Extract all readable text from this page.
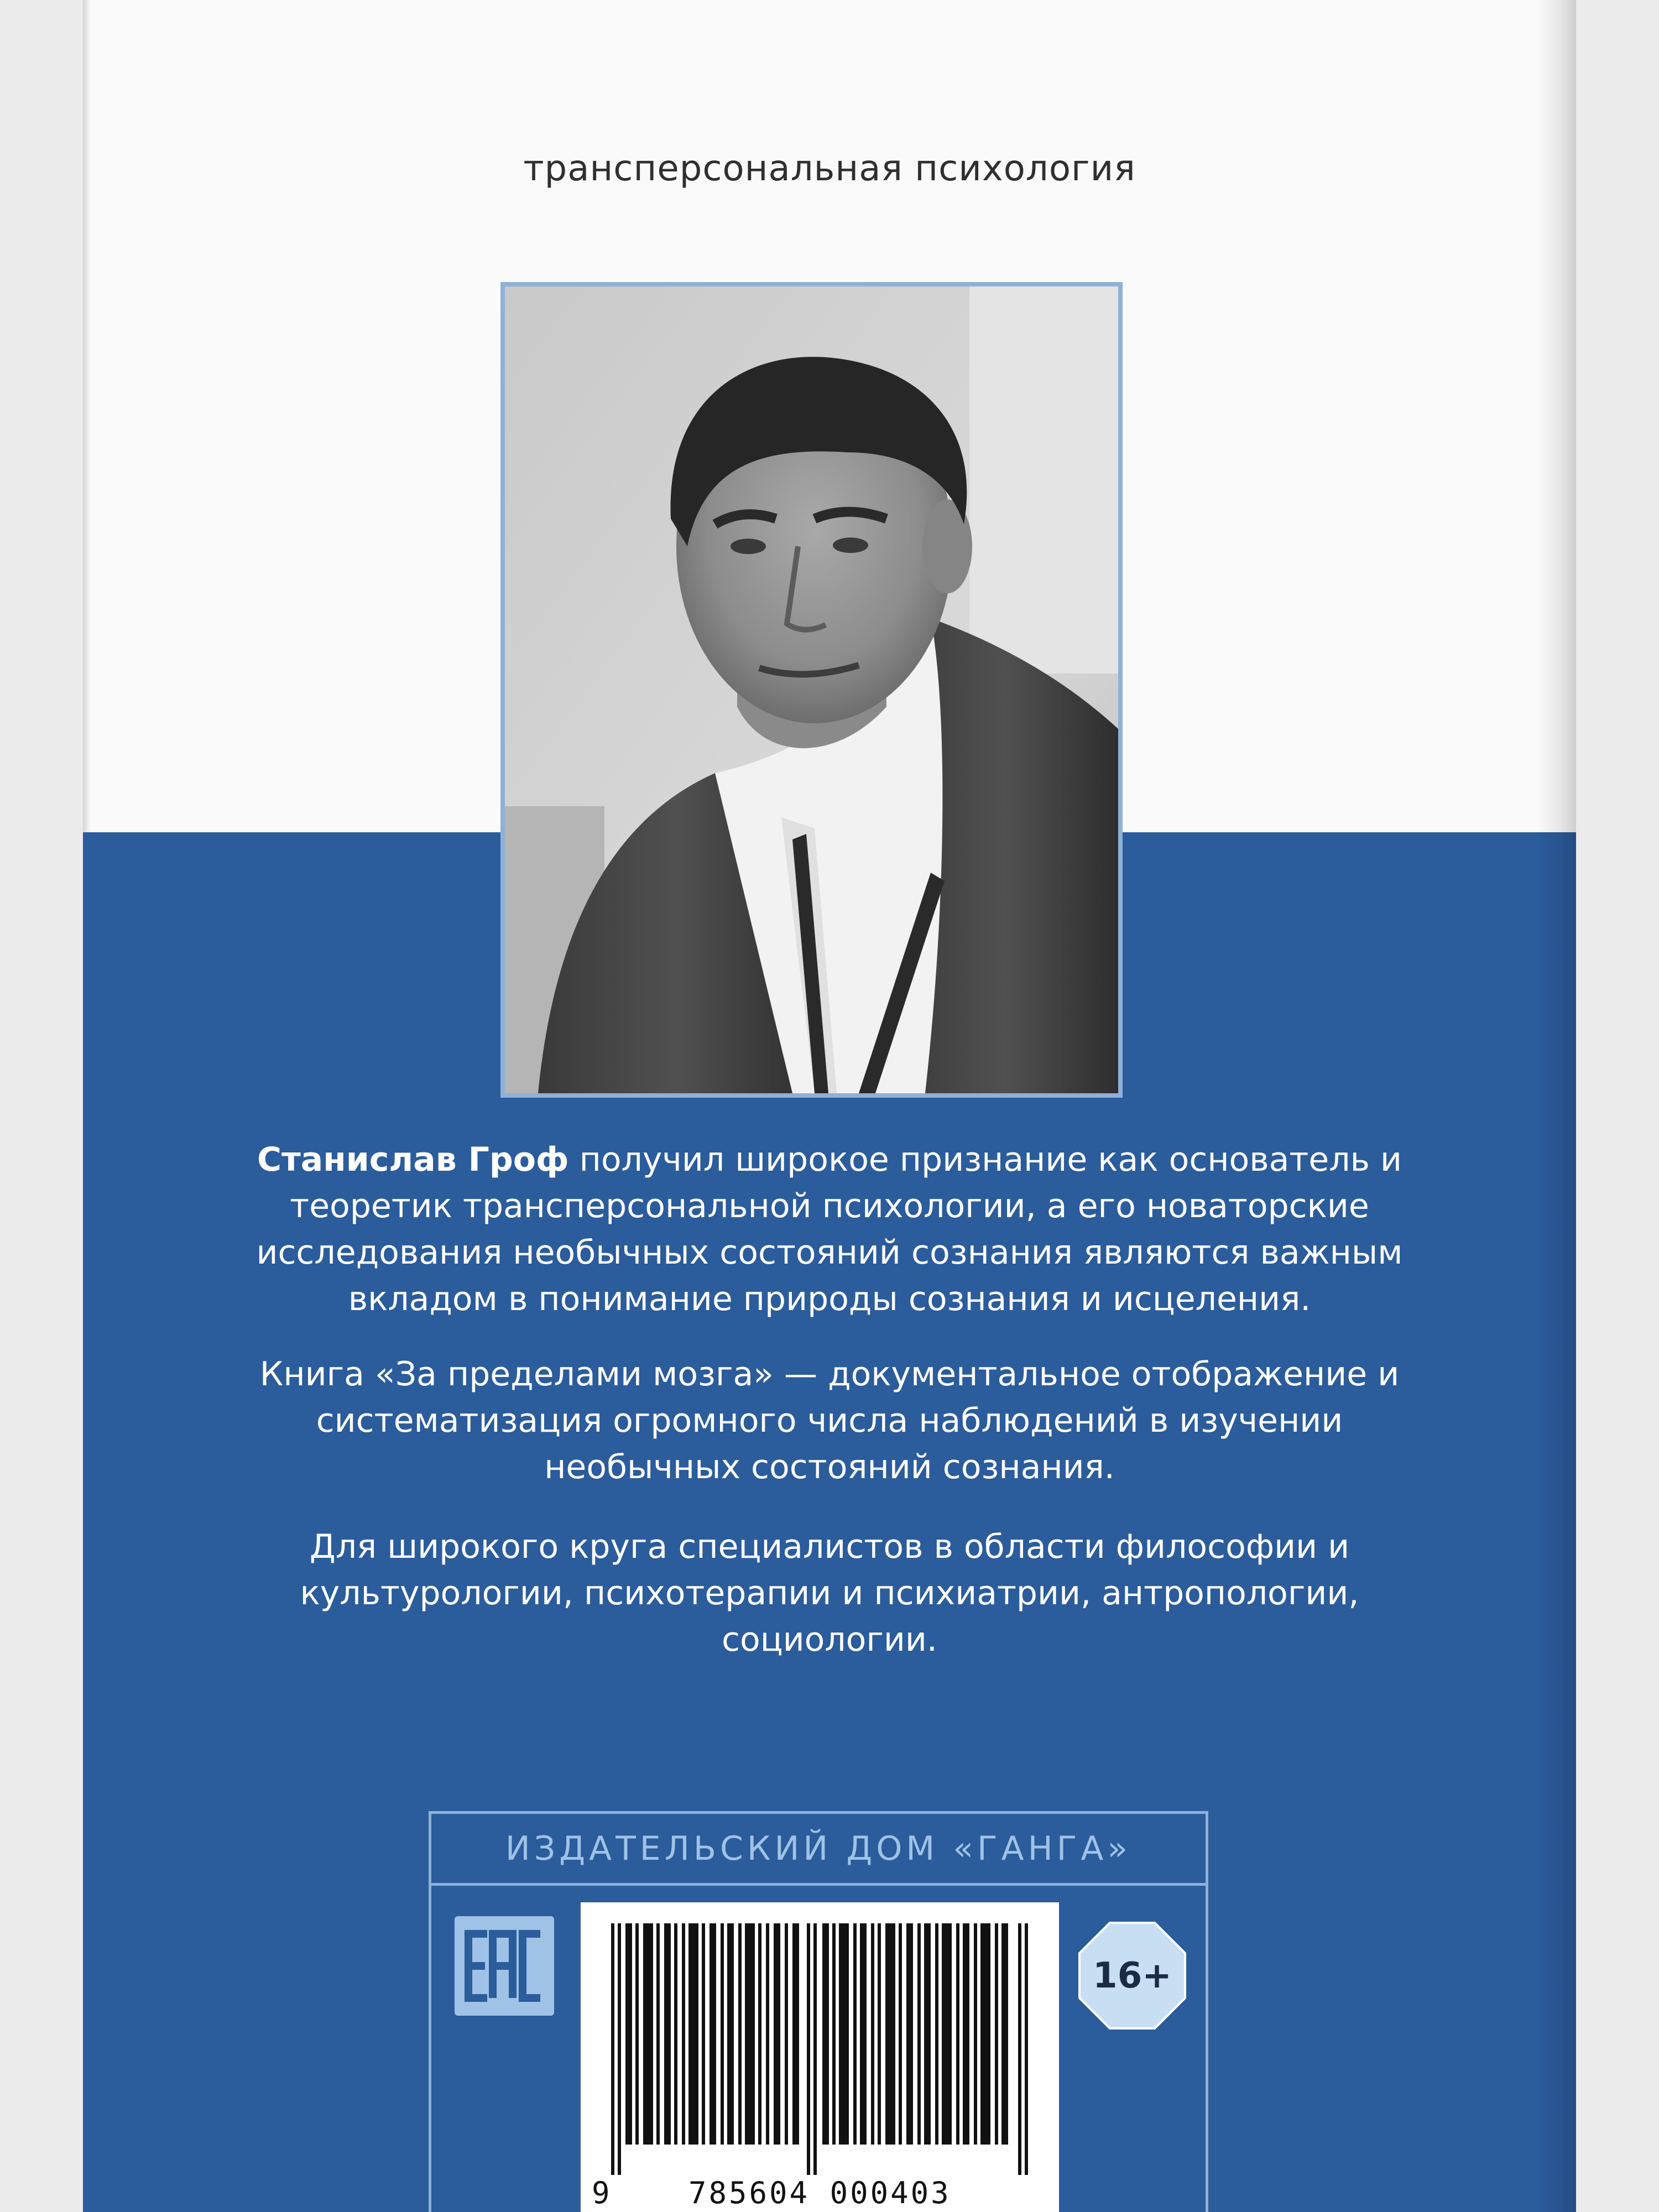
трансперсональная психология

Станислав Гроф получил широкое признание как основатель и теоретик трансперсональной психологии, а его новаторские исследования необычных состояний сознания являются важным вкладом в понимание природы сознания и исцеления.

Книга «За пределами мозга» — документальное отображение и систематизация огромного числа наблюдений в изучении необычных состояний сознания.

Для широкого круга специалистов в области философии и культурологии, психотерапии и психиатрии, антропологии, социологии.

ИЗДАТЕЛЬСКИЙ ДОМ «ГАНГА»
9	785604 000403
16+
